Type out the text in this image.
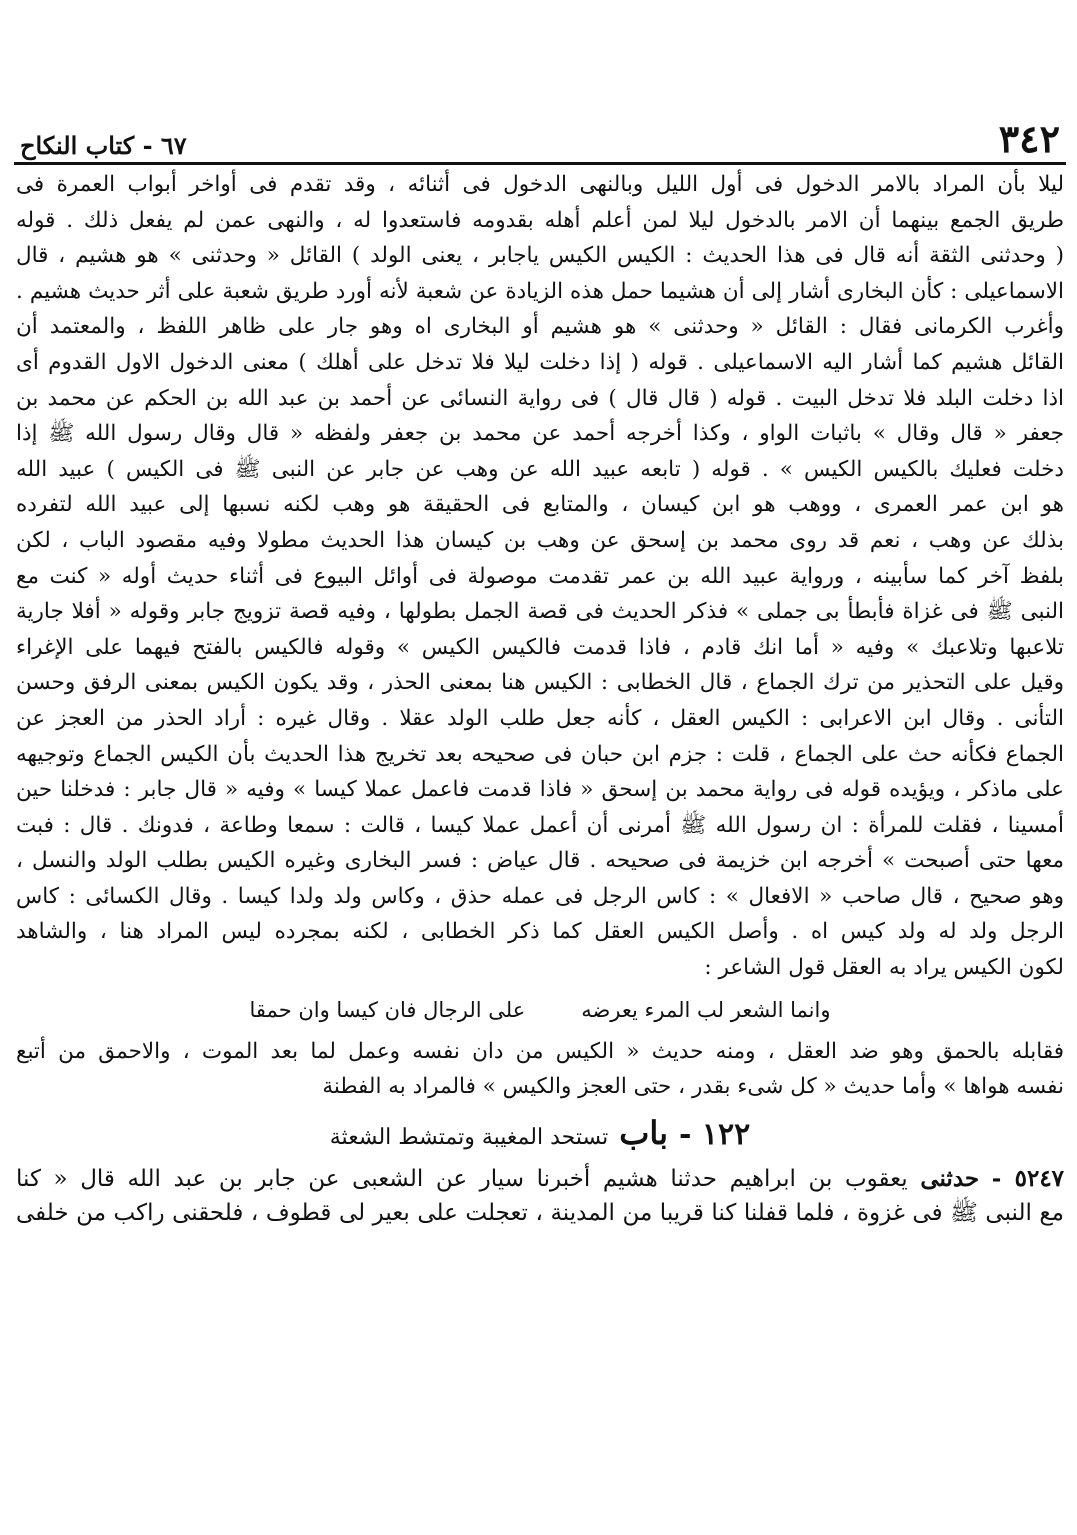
٣٤٢
٦٧ - كتاب النكاح
ليلا بأن المراد بالامر الدخول فى أول الليل وبالنهى الدخول فى أثنائه ، وقد تقدم فى أواخر أبواب العمرة فى
طريق الجمع بينهما أن الامر بالدخول ليلا لمن أعلم أهله بقدومه فاستعدوا له ، والنهى عمن لم يفعل ذلك . قوله
( وحدثنى الثقة أنه قال فى هذا الحديث : الكيس الكيس ياجابر ، يعنى الولد ) القائل « وحدثنى » هو هشيم ، قال
الاسماعيلى : كأن البخارى أشار إلى أن هشيما حمل هذه الزيادة عن شعبة لأنه أورد طريق شعبة على أثر حديث هشيم .
وأغرب الكرمانى فقال : القائل « وحدثنى » هو هشيم أو البخارى اه وهو جار على ظاهر اللفظ ، والمعتمد أن
القائل هشيم كما أشار اليه الاسماعيلى . قوله ( إذا دخلت ليلا فلا تدخل على أهلك ) معنى الدخول الاول القدوم أى
اذا دخلت البلد فلا تدخل البيت . قوله ( قال قال ) فى رواية النسائى عن أحمد بن عبد الله بن الحكم عن محمد بن
جعفر « قال وقال » باثبات الواو ، وكذا أخرجه أحمد عن محمد بن جعفر ولفظه « قال وقال رسول الله ﷺ إذا
دخلت فعليك بالكيس الكيس » . قوله ( تابعه عبيد الله عن وهب عن جابر عن النبى ﷺ فى الكيس ) عبيد الله
هو ابن عمر العمرى ، ووهب هو ابن كيسان ، والمتابع فى الحقيقة هو وهب لكنه نسبها إلى عبيد الله لتفرده
بذلك عن وهب ، نعم قد روى محمد بن إسحق عن وهب بن كيسان هذا الحديث مطولا وفيه مقصود الباب ، لكن
بلفظ آخر كما سأبينه ، ورواية عبيد الله بن عمر تقدمت موصولة فى أوائل البيوع فى أثناء حديث أوله « كنت مع
النبى ﷺ فى غزاة فأبطأ بى جملى » فذكر الحديث فى قصة الجمل بطولها ، وفيه قصة تزويج جابر وقوله « أفلا جارية
تلاعبها وتلاعبك » وفيه « أما انك قادم ، فاذا قدمت فالكيس الكيس » وقوله فالكيس بالفتح فيهما على الإغراء
وقيل على التحذير من ترك الجماع ، قال الخطابى : الكيس هنا بمعنى الحذر ، وقد يكون الكيس بمعنى الرفق وحسن
التأنى . وقال ابن الاعرابى : الكيس العقل ، كأنه جعل طلب الولد عقلا . وقال غيره : أراد الحذر من العجز عن
الجماع فكأنه حث على الجماع ، قلت : جزم ابن حبان فى صحيحه بعد تخريج هذا الحديث بأن الكيس الجماع وتوجيهه
على ماذكر ، ويؤيده قوله فى رواية محمد بن إسحق « فاذا قدمت فاعمل عملا كيسا » وفيه « قال جابر : فدخلنا حين
أمسينا ، فقلت للمرأة : ان رسول الله ﷺ أمرنى أن أعمل عملا كيسا ، قالت : سمعا وطاعة ، فدونك . قال : فبت
معها حتى أصبحت » أخرجه ابن خزيمة فى صحيحه . قال عياض : فسر البخارى وغيره الكيس بطلب الولد والنسل ،
وهو صحيح ، قال صاحب « الافعال » : كاس الرجل فى عمله حذق ، وكاس ولد ولدا كيسا . وقال الكسائى : كاس
الرجل ولد له ولد كيس اه . وأصل الكيس العقل كما ذكر الخطابى ، لكنه بمجرده ليس المراد هنا ، والشاهد
لكون الكيس يراد به العقل قول الشاعر :
وانما الشعر لب المرء يعرضه
على الرجال فان كيسا وان حمقا
فقابله بالحمق وهو ضد العقل ، ومنه حديث « الكيس من دان نفسه وعمل لما بعد الموت ، والاحمق من أتبع
نفسه هواها » وأما حديث « كل شىء بقدر ، حتى العجز والكيس » فالمراد به الفطنة
١٢٢ - باب تستحد المغيبة وتمتشط الشعثة
٥٢٤٧ - حدثنى يعقوب بن ابراهيم حدثنا هشيم أخبرنا سيار عن الشعبى عن جابر بن عبد الله قال « كنا
مع النبى ﷺ فى غزوة ، فلما قفلنا كنا قريبا من المدينة ، تعجلت على بعير لى قطوف ، فلحقنى راكب من خلفى
